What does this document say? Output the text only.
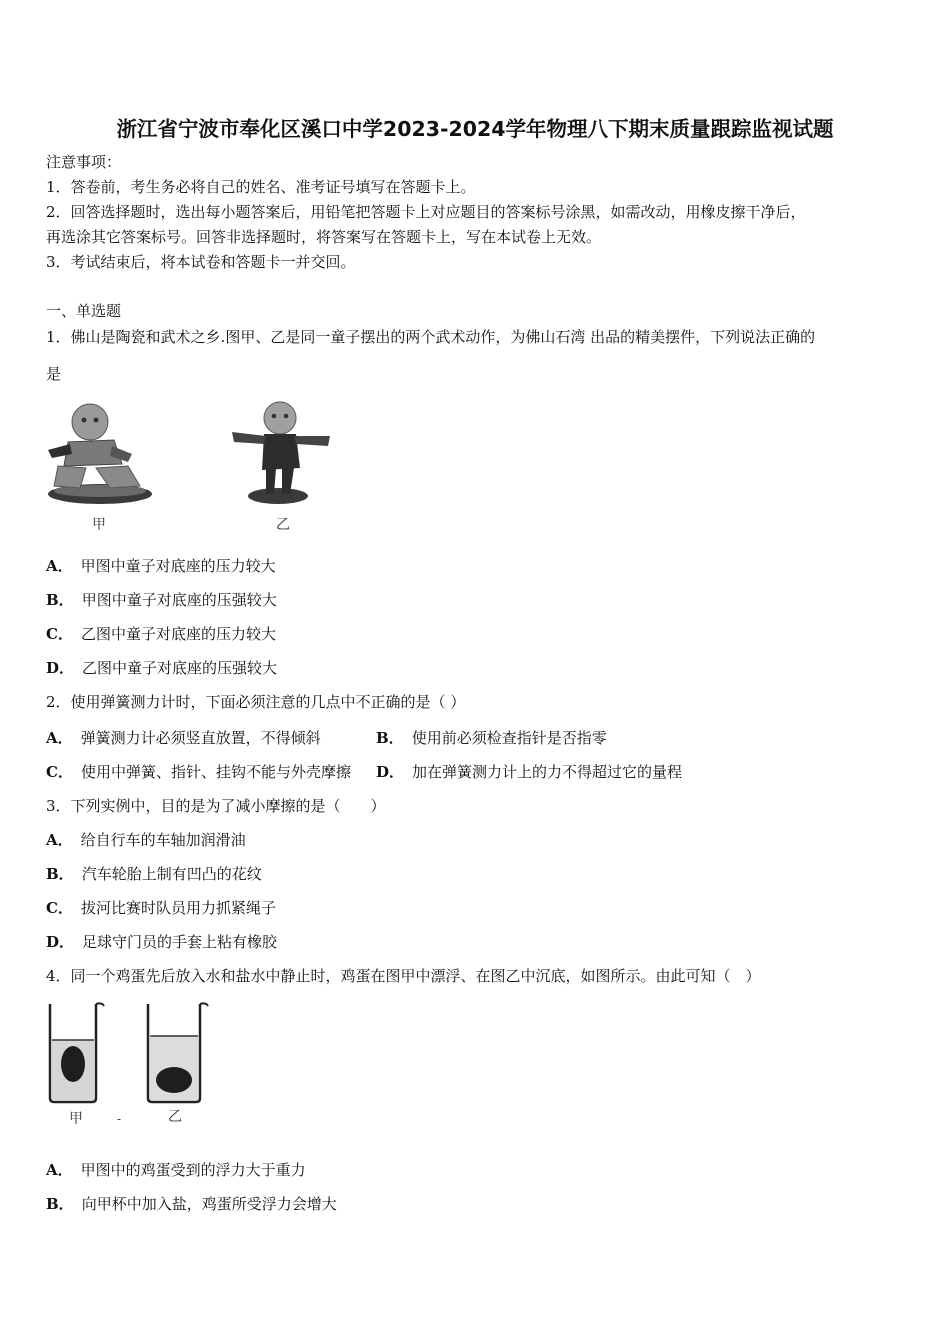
浙江省宁波市奉化区溪口中学2023-2024学年物理八下期末质量跟踪监视试题
注意事项：
1．答卷前，考生务必将自己的姓名、准考证号填写在答题卡上。
2．回答选择题时，选出每小题答案后，用铅笔把答题卡上对应题目的答案标号涂黑，如需改动，用橡皮擦干净后，
再选涂其它答案标号。回答非选择题时，将答案写在答题卡上，写在本试卷上无效。
3．考试结束后，将本试卷和答题卡一并交回。
一、单选题
1．佛山是陶瓷和武术之乡.图甲、乙是同一童子摆出的两个武术动作，为佛山石湾 出品的精美摆件，下列说法正确的
是
甲	乙
A． 甲图中童子对底座的压力较大
B． 甲图中童子对底座的压强较大
C． 乙图中童子对底座的压力较大
D． 乙图中童子对底座的压强较大
2．使用弹簧测力计时，下面必须注意的几点中不正确的是（ ）
A． 弹簧测力计必须竖直放置，不得倾斜	B． 使用前必须检查指针是否指零
C． 使用中弹簧、指针、挂钩不能与外壳摩擦 D． 加在弹簧测力计上的力不得超过它的量程
3．下列实例中，目的是为了减小摩擦的是（　　）
A． 给自行车的车轴加润滑油
B． 汽车轮胎上制有凹凸的花纹
C． 拔河比赛时队员用力抓紧绳子
D． 足球守门员的手套上粘有橡胶
4．同一个鸡蛋先后放入水和盐水中静止时，鸡蛋在图甲中漂浮、在图乙中沉底，如图所示。由此可知（　）
甲	-	乙
A． 甲图中的鸡蛋受到的浮力大于重力
B． 向甲杯中加入盐，鸡蛋所受浮力会增大
